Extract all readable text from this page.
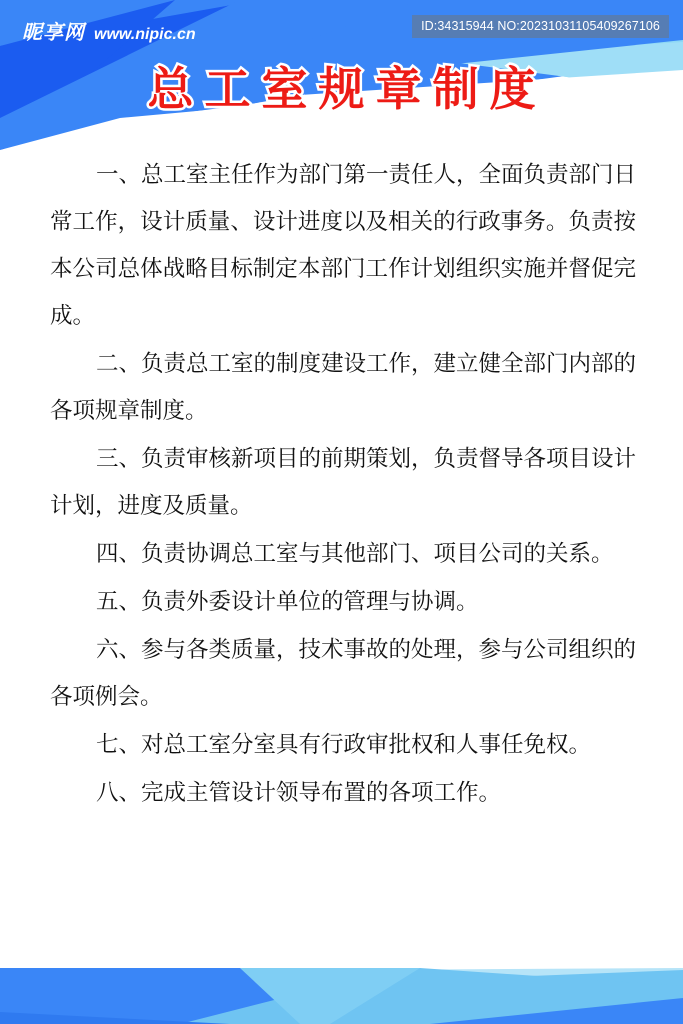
总工室规章制度

一、总工室主任作为部门第一责任人，全面负责部门日常工作，设计质量、设计进度以及相关的行政事务。负责按本公司总体战略目标制定本部门工作计划组织实施并督促完成。

二、负责总工室的制度建设工作，建立健全部门内部的各项规章制度。

三、负责审核新项目的前期策划，负责督导各项目设计计划，进度及质量。

四、负责协调总工室与其他部门、项目公司的关系。

五、负责外委设计单位的管理与协调。

六、参与各类质量，技术事故的处理，参与公司组织的各项例会。

七、对总工室分室具有行政审批权和人事任免权。

八、完成主管设计领导布置的各项工作。

昵享网 www.nipic.cn	ID:34315944 NO:20231031105409267106
